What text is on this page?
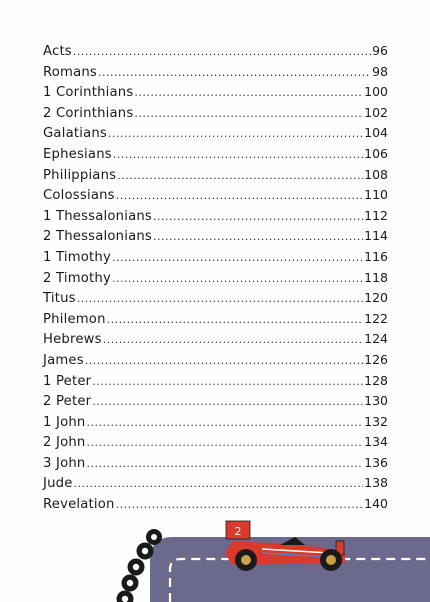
Acts .....	96
Romans .....	98
1 Corinthians .....	100
2 Corinthians .....	102
Galatians .....	104
Ephesians .....	106
Philippians .....	108
Colossians .....	110
1 Thessalonians .....	112
2 Thessalonians .....	114
1 Timothy .....	116
2 Timothy .....	118
Titus .....	120
Philemon .....	122
Hebrews .....	124
James .....	126
1 Peter .....	128
2 Peter .....	130
1 John .....	132
2 John .....	134
3 John .....	136
Jude .....	138
Revelation .....	140
2
